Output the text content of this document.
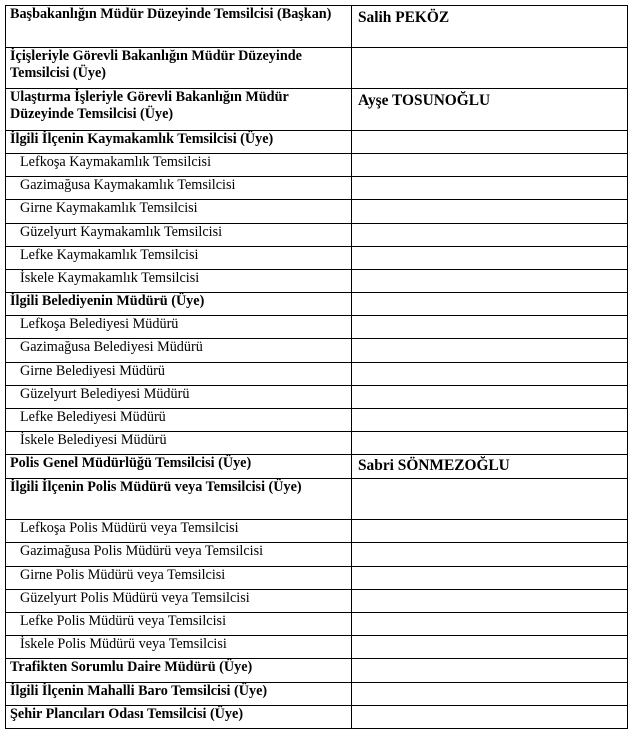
Başbakanlığın Müdür Düzeyinde Temsilcisi (Başkan)	Salih PEKÖZ
İçişleriyle Görevli Bakanlığın Müdür Düzeyinde Temsilcisi (Üye)	
Ulaştırma İşleriyle Görevli Bakanlığın Müdür Düzeyinde Temsilcisi (Üye)	Ayşe TOSUNOĞLU
İlgili İlçenin Kaymakamlık Temsilcisi (Üye)	
Lefkoşa Kaymakamlık Temsilcisi	
Gazimağusa Kaymakamlık Temsilcisi	
Girne Kaymakamlık Temsilcisi	
Güzelyurt Kaymakamlık Temsilcisi	
Lefke Kaymakamlık Temsilcisi	
İskele Kaymakamlık Temsilcisi	
İlgili Belediyenin Müdürü (Üye)	
Lefkoşa Belediyesi Müdürü	
Gazimağusa Belediyesi Müdürü	
Girne Belediyesi Müdürü	
Güzelyurt Belediyesi Müdürü	
Lefke Belediyesi Müdürü	
İskele Belediyesi Müdürü	
Polis Genel Müdürlüğü Temsilcisi (Üye)	Sabri SÖNMEZOĞLU
İlgili İlçenin Polis Müdürü veya Temsilcisi (Üye)	
Lefkoşa Polis Müdürü veya Temsilcisi	
Gazimağusa Polis Müdürü veya Temsilcisi	
Girne Polis Müdürü veya Temsilcisi	
Güzelyurt Polis Müdürü veya Temsilcisi	
Lefke Polis Müdürü veya Temsilcisi	
İskele Polis Müdürü veya Temsilcisi	
Trafikten Sorumlu Daire Müdürü (Üye)	
İlgili İlçenin Mahalli Baro Temsilcisi (Üye)	
Şehir Plancıları Odası Temsilcisi (Üye)	
